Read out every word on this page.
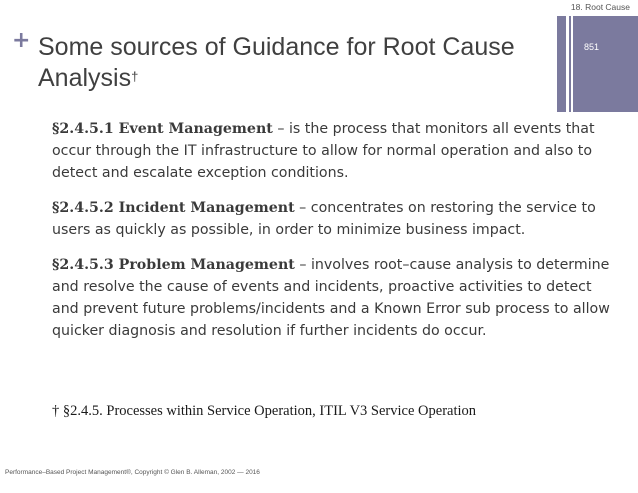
18. Root Cause
851
+ Some sources of Guidance for Root Cause Analysis†

§2.4.5.1 Event Management – is the process that monitors all events that occur through the IT infrastructure to allow for normal operation and also to detect and escalate exception conditions.

§2.4.5.2 Incident Management – concentrates on restoring the service to users as quickly as possible, in order to minimize business impact.

§2.4.5.3 Problem Management – involves root–cause analysis to determine and resolve the cause of events and incidents, proactive activities to detect and prevent future problems/incidents and a Known Error sub process to allow quicker diagnosis and resolution if further incidents do occur.

† §2.4.5. Processes within Service Operation, ITIL V3 Service Operation
Performance–Based Project Management®, Copyright © Glen B. Alleman, 2002 — 2016
